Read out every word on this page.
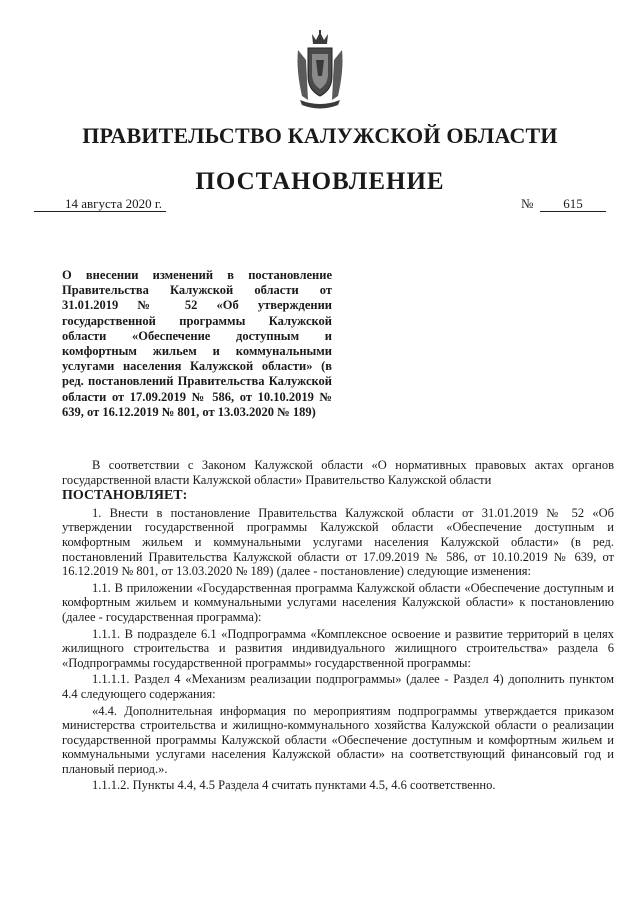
ПРАВИТЕЛЬСТВО КАЛУЖСКОЙ ОБЛАСТИ
ПОСТАНОВЛЕНИЕ
14 августа 2020 г.	№	615

О внесении изменений в постановление Правительства Калужской области от 31.01.2019 № 52 «Об утверждении государственной программы Калужской области «Обеспечение доступным и комфортным жильем и коммунальными услугами населения Калужской области» (в ред. постановлений Правительства Калужской области от 17.09.2019 № 586, от 10.10.2019 № 639, от 16.12.2019 № 801, от 13.03.2020 № 189)

В соответствии с Законом Калужской области «О нормативных правовых актах органов государственной власти Калужской области» Правительство Калужской области

ПОСТАНОВЛЯЕТ:

1. Внести в постановление Правительства Калужской области от 31.01.2019 № 52 «Об утверждении государственной программы Калужской области «Обеспечение доступным и комфортным жильем и коммунальными услугами населения Калужской области» (в ред. постановлений Правительства Калужской области от 17.09.2019 № 586, от 10.10.2019 № 639, от 16.12.2019 № 801, от 13.03.2020 № 189) (далее - постановление) следующие изменения:

1.1. В приложении «Государственная программа Калужской области «Обеспечение доступным и комфортным жильем и коммунальными услугами населения Калужской области» к постановлению (далее - государственная программа):

1.1.1. В подразделе 6.1 «Подпрограмма «Комплексное освоение и развитие территорий в целях жилищного строительства и развития индивидуального жилищного строительства» раздела 6 «Подпрограммы государственной программы» государственной программы:

1.1.1.1. Раздел 4 «Механизм реализации подпрограммы» (далее - Раздел 4) дополнить пунктом 4.4 следующего содержания:

«4.4. Дополнительная информация по мероприятиям подпрограммы утверждается приказом министерства строительства и жилищно-коммунального хозяйства Калужской области о реализации государственной программы Калужской области «Обеспечение доступным и комфортным жильем и коммунальными услугами населения Калужской области» на соответствующий финансовый год и плановый период.».

1.1.1.2. Пункты 4.4, 4.5 Раздела 4 считать пунктами 4.5, 4.6 соответственно.
